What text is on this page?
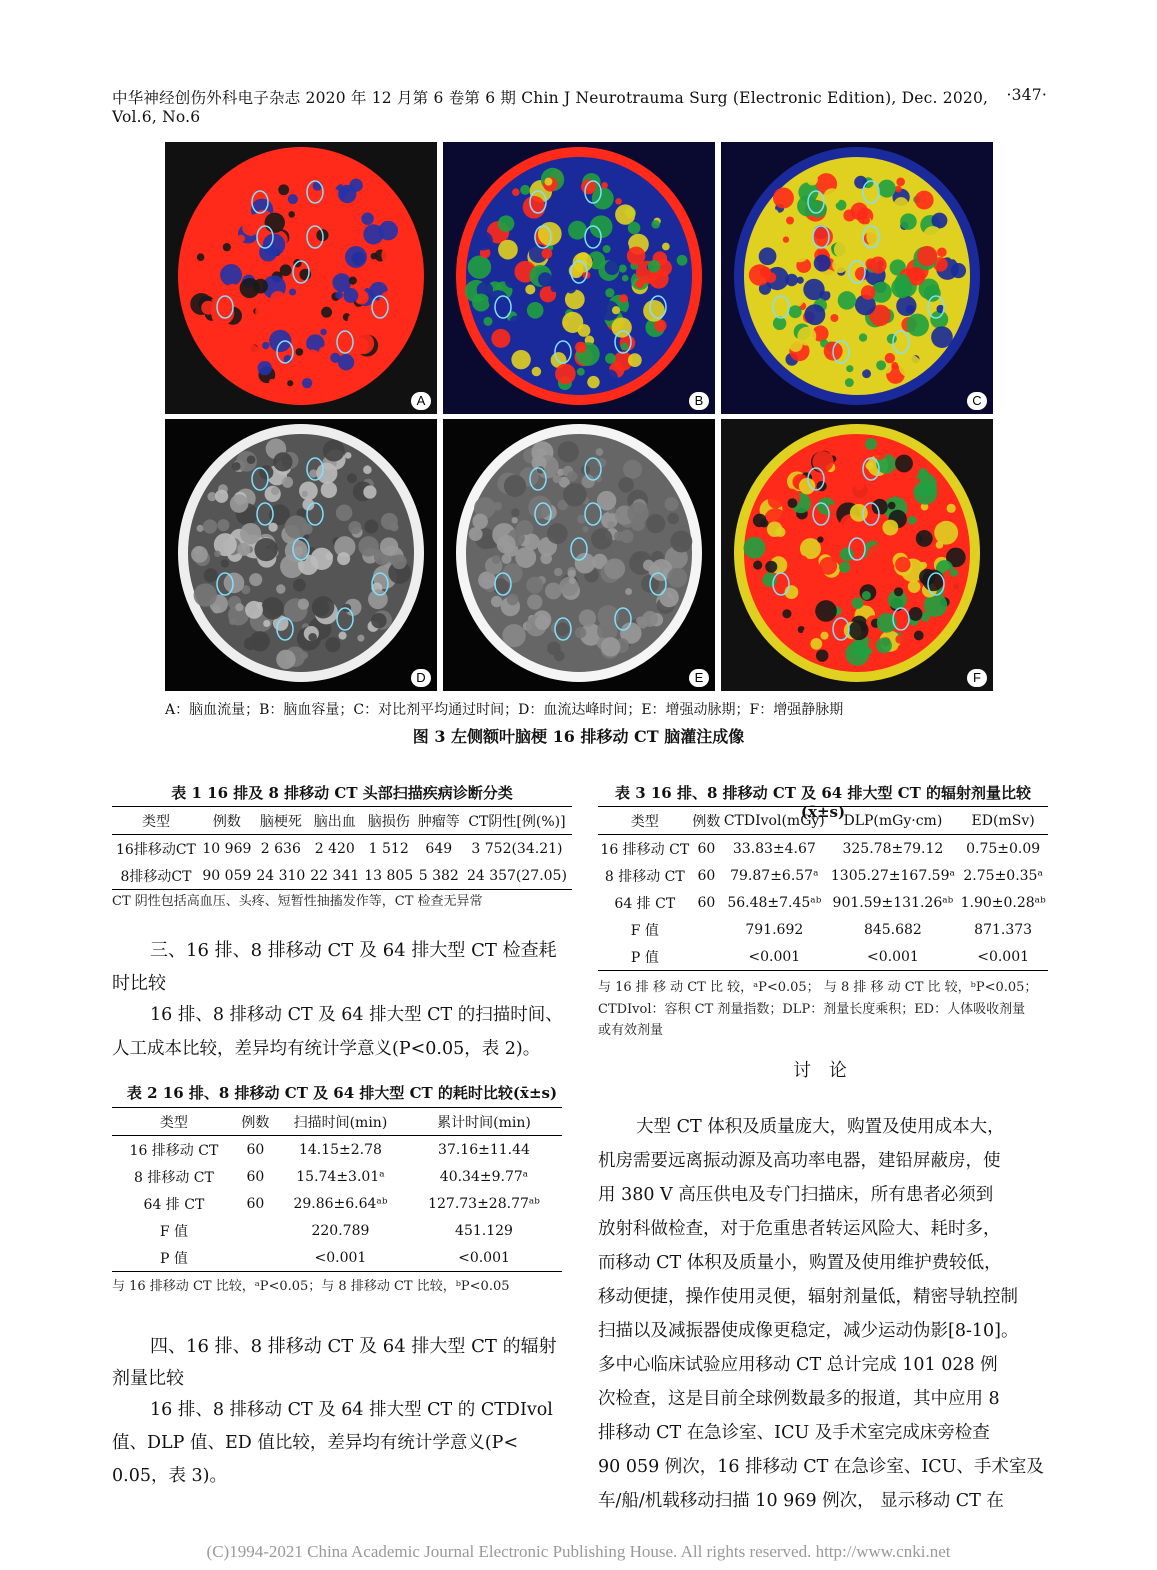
中华神经创伤外科电子杂志 2020 年 12 月第 6 卷第 6 期 Chin J Neurotrauma Surg (Electronic Edition), Dec. 2020, Vol.6, No.6
·347·
A	B	C
D	E	F
A：脑血流量；B：脑血容量；C：对比剂平均通过时间；D：血流达峰时间；E：增强动脉期；F：增强静脉期
图 3 左侧额叶脑梗 16 排移动 CT 脑灌注成像
表 1 16 排及 8 排移动 CT 头部扫描疾病诊断分类
类型	例数	脑梗死	脑出血	脑损伤	肿瘤等	CT阴性[例(%)]
16排移动CT	10 969	2 636	2 420	1 512	649	3 752(34.21)
8排移动CT	90 059	24 310	22 341	13 805	5 382	24 357(27.05)
CT 阴性包括高血压、头疼、短暂性抽搐发作等，CT 检查无异常
三、16 排、8 排移动 CT 及 64 排大型 CT 检查耗
时比较
16 排、8 排移动 CT 及 64 排大型 CT 的扫描时间、
人工成本比较，差异均有统计学意义(P<0.05，表 2)。
表 2 16 排、8 排移动 CT 及 64 排大型 CT 的耗时比较(x̄±s)
类型	例数	扫描时间(min)	累计时间(min)
16 排移动 CT	60	14.15±2.78	37.16±11.44
8 排移动 CT	60	15.74±3.01ᵃ	40.34±9.77ᵃ
64 排 CT	60	29.86±6.64ᵃᵇ	127.73±28.77ᵃᵇ
F 值		220.789	451.129
P 值		<0.001	<0.001
与 16 排移动 CT 比较，ᵃP<0.05；与 8 排移动 CT 比较，ᵇP<0.05
四、16 排、8 排移动 CT 及 64 排大型 CT 的辐射
剂量比较
16 排、8 排移动 CT 及 64 排大型 CT 的 CTDIvol
值、DLP 值、ED 值比较，差异均有统计学意义(P<
0.05，表 3)。
表 3 16 排、8 排移动 CT 及 64 排大型 CT 的辐射剂量比较(x̄±s)
类型	例数	CTDIvol(mGy)	DLP(mGy·cm)	ED(mSv)
16 排移动 CT	60	33.83±4.67	325.78±79.12	0.75±0.09
8 排移动 CT	60	79.87±6.57ᵃ	1305.27±167.59ᵃ	2.75±0.35ᵃ
64 排 CT	60	56.48±7.45ᵃᵇ	901.59±131.26ᵃᵇ	1.90±0.28ᵃᵇ
F 值		791.692	845.682	871.373
P 值		<0.001	<0.001	<0.001
与 16 排 移 动 CT 比 较，ᵃP<0.05； 与 8 排 移 动 CT 比 较，ᵇP<0.05；
CTDIvol：容积 CT 剂量指数；DLP：剂量长度乘积；ED：人体吸收剂量
或有效剂量
讨 论
大型 CT 体积及质量庞大，购置及使用成本大，
机房需要远离振动源及高功率电器，建铅屏蔽房，使
用 380 V 高压供电及专门扫描床，所有患者必须到
放射科做检查，对于危重患者转运风险大、耗时多，
而移动 CT 体积及质量小，购置及使用维护费较低，
移动便捷，操作使用灵便，辐射剂量低，精密导轨控制
扫描以及减振器使成像更稳定，减少运动伪影[8-10]。
多中心临床试验应用移动 CT 总计完成 101 028 例
次检查，这是目前全球例数最多的报道，其中应用 8
排移动 CT 在急诊室、ICU 及手术室完成床旁检查
90 059 例次，16 排移动 CT 在急诊室、ICU、手术室及
车/船/机载移动扫描 10 969 例次， 显示移动 CT 在
(C)1994-2021 China Academic Journal Electronic Publishing House. All rights reserved. http://www.cnki.net
